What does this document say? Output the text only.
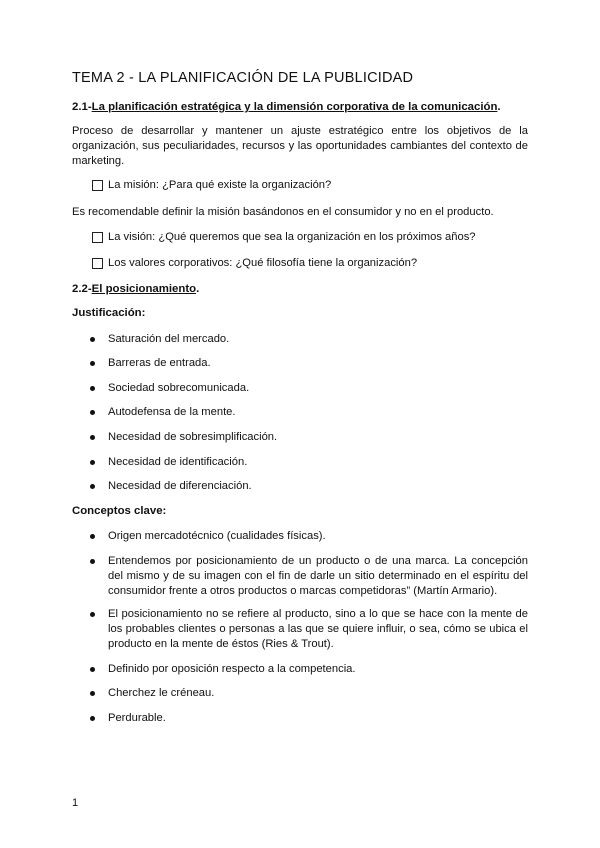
TEMA 2 - LA PLANIFICACIÓN DE LA PUBLICIDAD
2.1-La planificación estratégica y la dimensión corporativa de la comunicación.
Proceso de desarrollar y mantener un ajuste estratégico entre los objetivos de la organización, sus peculiaridades, recursos y las oportunidades cambiantes del contexto de marketing.
La misión: ¿Para qué existe la organización?
Es recomendable definir la misión basándonos en el consumidor y no en el producto.
La visión: ¿Qué queremos que sea la organización en los próximos años?
Los valores corporativos: ¿Qué filosofía tiene la organización?
2.2-El posicionamiento.
Justificación:
Saturación del mercado.
Barreras de entrada.
Sociedad sobrecomunicada.
Autodefensa de la mente.
Necesidad de sobresimplificación.
Necesidad de identificación.
Necesidad de diferenciación.
Conceptos clave:
Origen mercadotécnico (cualidades físicas).
Entendemos por posicionamiento de un producto o de una marca. La concepción del mismo y de su imagen con el fin de darle un sitio determinado en el espíritu del consumidor frente a otros productos o marcas competidoras” (Martín Armario).
El posicionamiento no se refiere al producto, sino a lo que se hace con la mente de los probables clientes o personas a las que se quiere influir, o sea, cómo se ubica el producto en la mente de éstos (Ries & Trout).
Definido por oposición respecto a la competencia.
Cherchez le créneau.
Perdurable.
1
